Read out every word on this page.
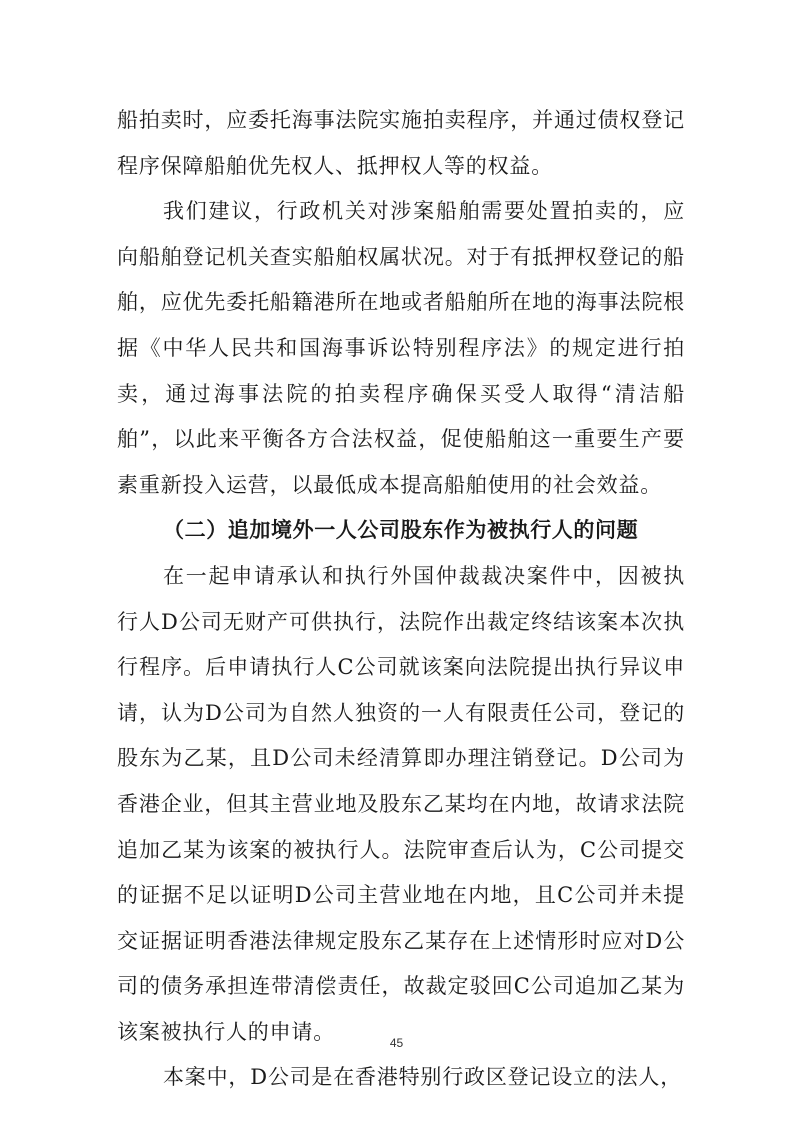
船拍卖时，应委托海事法院实施拍卖程序，并通过债权登记程序保障船舶优先权人、抵押权人等的权益。

我们建议，行政机关对涉案船舶需要处置拍卖的，应向船舶登记机关查实船舶权属状况。对于有抵押权登记的船舶，应优先委托船籍港所在地或者船舶所在地的海事法院根据《中华人民共和国海事诉讼特别程序法》的规定进行拍卖，通过海事法院的拍卖程序确保买受人取得“清洁船舶”，以此来平衡各方合法权益，促使船舶这一重要生产要素重新投入运营，以最低成本提高船舶使用的社会效益。

（二）追加境外一人公司股东作为被执行人的问题

在一起申请承认和执行外国仲裁裁决案件中，因被执行人D公司无财产可供执行，法院作出裁定终结该案本次执行程序。后申请执行人C公司就该案向法院提出执行异议申请，认为D公司为自然人独资的一人有限责任公司，登记的股东为乙某，且D公司未经清算即办理注销登记。D公司为香港企业，但其主营业地及股东乙某均在内地，故请求法院追加乙某为该案的被执行人。法院审查后认为，C公司提交的证据不足以证明D公司主营业地在内地，且C公司并未提交证据证明香港法律规定股东乙某存在上述情形时应对D公司的债务承担连带清偿责任，故裁定驳回C公司追加乙某为该案被执行人的申请。

本案中，D公司是在香港特别行政区登记设立的法人，

45
